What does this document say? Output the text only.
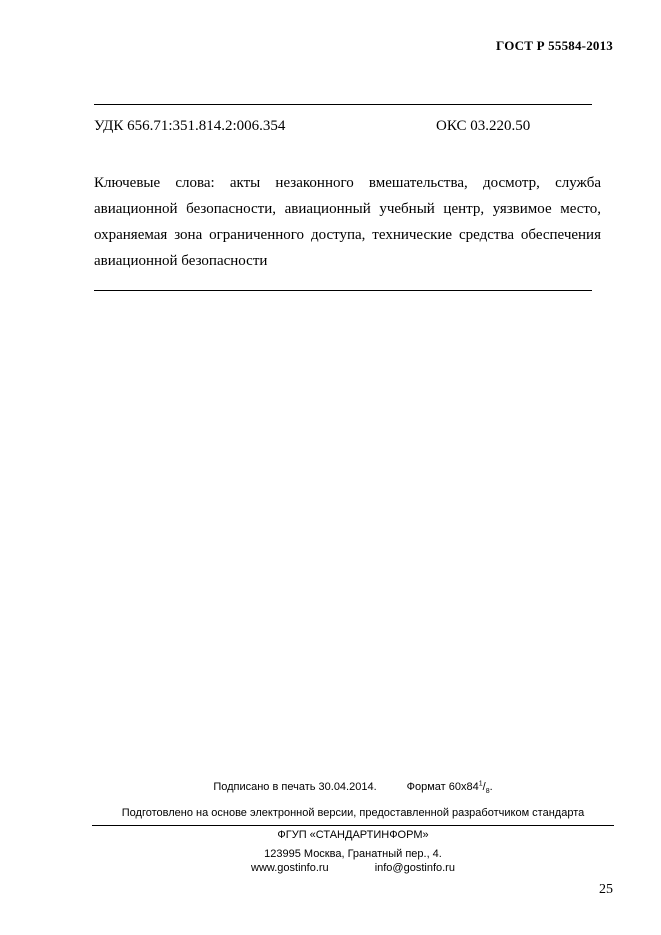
ГОСТ Р 55584-2013
УДК 656.71:351.814.2:006.354	ОКС 03.220.50

Ключевые слова: акты незаконного вмешательства, досмотр, служба авиационной безопасности, авиационный учебный центр, уязвимое место, охраняемая зона ограниченного доступа, технические средства обеспечения авиационной безопасности

Подписано в печать 30.04.2014.	Формат $60х84^1/_8$.

Подготовлено на основе электронной версии, предоставленной разработчиком стандарта

ФГУП «СТАНДАРТИНФОРМ»

123995 Москва, Гранатный пер., 4.

www.gostinfo.ru	info@gostinfo.ru

25
